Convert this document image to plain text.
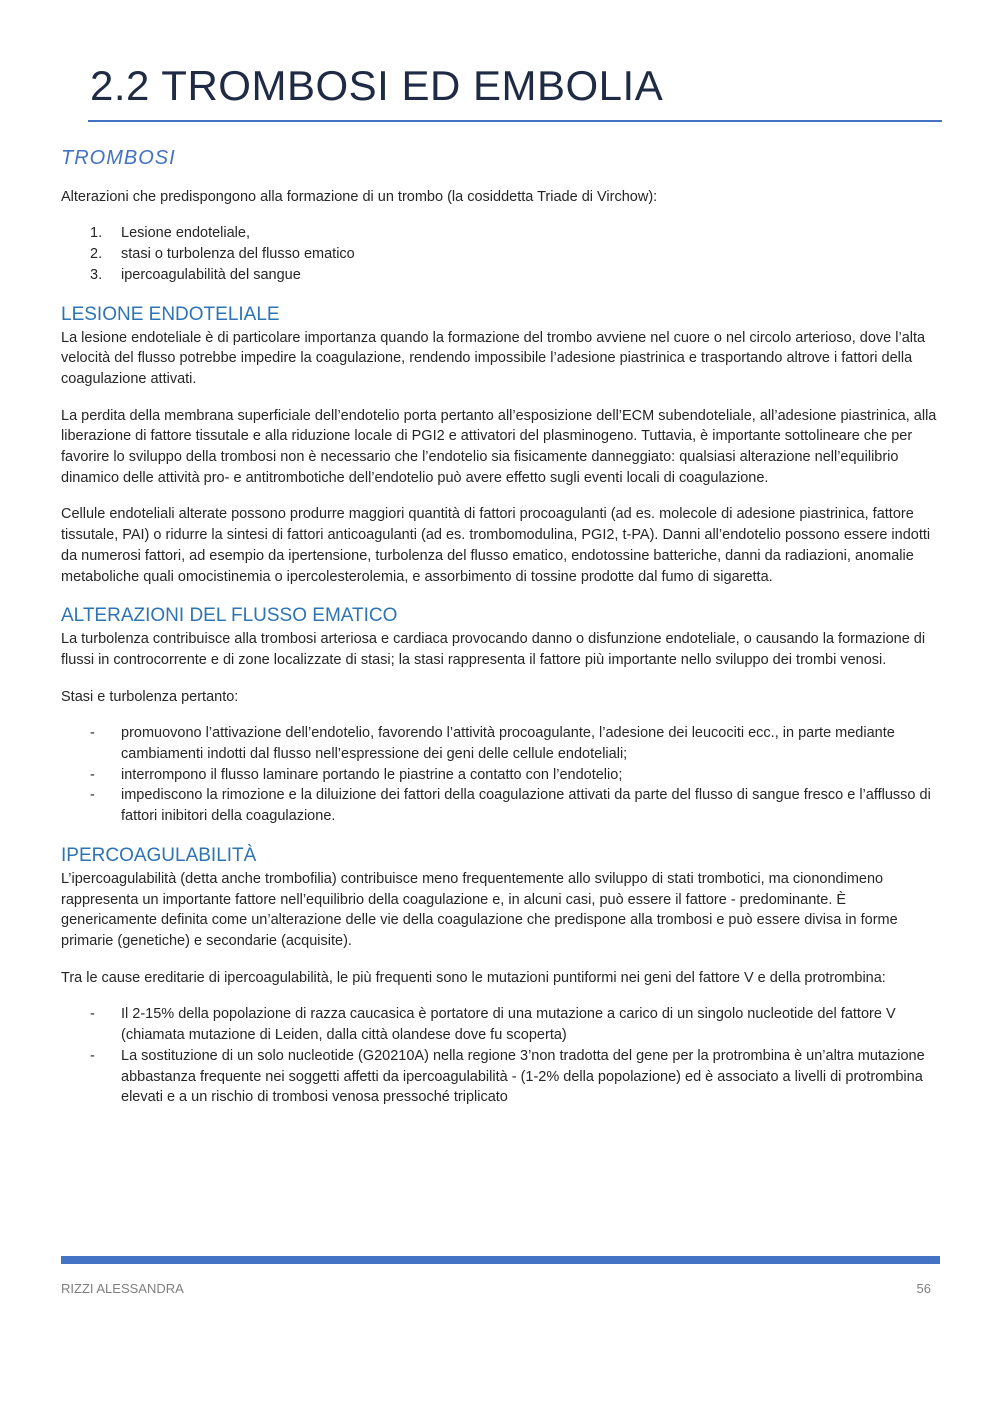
2.2 TROMBOSI ED EMBOLIA
TROMBOSI

Alterazioni che predispongono alla formazione di un trombo (la cosiddetta Triade di Virchow):

1. Lesione endoteliale,
2. stasi o turbolenza del flusso ematico
3. ipercoagulabilità del sangue
LESIONE ENDOTELIALE

La lesione endoteliale è di particolare importanza quando la formazione del trombo avviene nel cuore o nel circolo arterioso, dove l’alta velocità del flusso potrebbe impedire la coagulazione, rendendo impossibile l’adesione piastrinica e trasportando altrove i fattori della coagulazione attivati.

La perdita della membrana superficiale dell’endotelio porta pertanto all’esposizione dell’ECM subendoteliale, all’adesione piastrinica, alla liberazione di fattore tissutale e alla riduzione locale di PGI2 e attivatori del plasminogeno. Tuttavia, è importante sottolineare che per favorire lo sviluppo della trombosi non è necessario che l’endotelio sia fisicamente danneggiato: qualsiasi alterazione nell’equilibrio dinamico delle attività pro- e antitrombotiche dell’endotelio può avere effetto sugli eventi locali di coagulazione.

Cellule endoteliali alterate possono produrre maggiori quantità di fattori procoagulanti (ad es. molecole di adesione piastrinica, fattore tissutale, PAI) o ridurre la sintesi di fattori anticoagulanti (ad es. trombomodulina, PGI2, t-PA). Danni all’endotelio possono essere indotti da numerosi fattori, ad esempio da ipertensione, turbolenza del flusso ematico, endotossine batteriche, danni da radiazioni, anomalie metaboliche quali omocistinemia o ipercolesterolemia, e assorbimento di tossine prodotte dal fumo di sigaretta.

ALTERAZIONI DEL FLUSSO EMATICO

La turbolenza contribuisce alla trombosi arteriosa e cardiaca provocando danno o disfunzione endoteliale, o causando la formazione di flussi in controcorrente e di zone localizzate di stasi; la stasi rappresenta il fattore più importante nello sviluppo dei trombi venosi.

Stasi e turbolenza pertanto:

- promuovono l’attivazione dell’endotelio, favorendo l’attività procoagulante, l’adesione dei leucociti ecc., in parte mediante cambiamenti indotti dal flusso nell’espressione dei geni delle cellule endoteliali;
- interrompono il flusso laminare portando le piastrine a contatto con l’endotelio;
- impediscono la rimozione e la diluizione dei fattori della coagulazione attivati da parte del flusso di sangue fresco e l’afflusso di fattori inibitori della coagulazione.
IPERCOAGULABILITÀ

L’ipercoagulabilità (detta anche trombofilia) contribuisce meno frequentemente allo sviluppo di stati trombotici, ma cionondimeno rappresenta un importante fattore nell’equilibrio della coagulazione e, in alcuni casi, può essere il fattore - predominante. È genericamente definita come un’alterazione delle vie della coagulazione che predispone alla trombosi e può essere divisa in forme primarie (genetiche) e secondarie (acquisite).

Tra le cause ereditarie di ipercoagulabilità, le più frequenti sono le mutazioni puntiformi nei geni del fattore V e della protrombina:

- Il 2-15% della popolazione di razza caucasica è portatore di una mutazione a carico di un singolo nucleotide del fattore V (chiamata mutazione di Leiden, dalla città olandese dove fu scoperta)
- La sostituzione di un solo nucleotide (G20210A) nella regione 3’non tradotta del gene per la protrombina è un’altra mutazione abbastanza frequente nei soggetti affetti da ipercoagulabilità - (1-2% della popolazione) ed è associato a livelli di protrombina elevati e a un rischio di trombosi venosa pressoché triplicato
RIZZI ALESSANDRA	56
